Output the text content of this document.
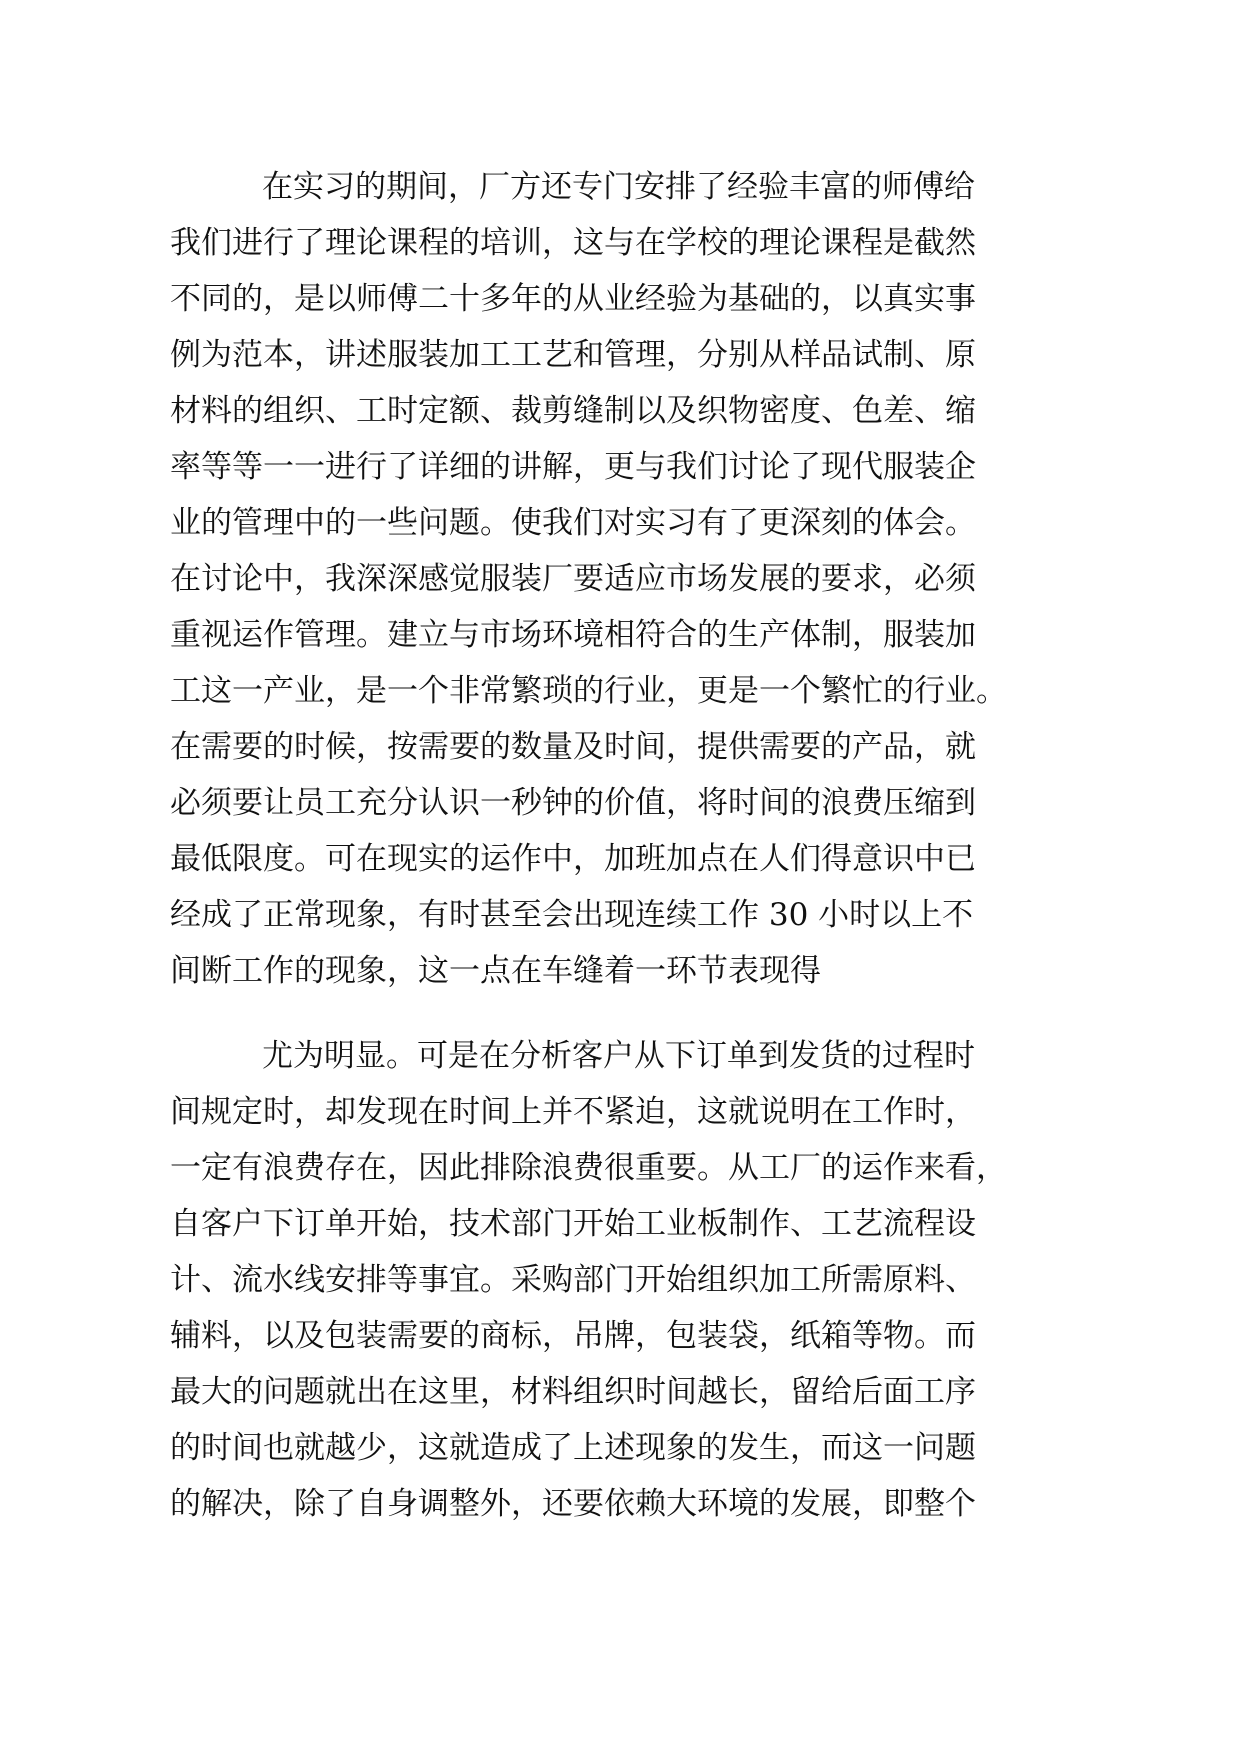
在实习的期间，厂方还专门安排了经验丰富的师傅给
我们进行了理论课程的培训，这与在学校的理论课程是截然
不同的，是以师傅二十多年的从业经验为基础的，以真实事
例为范本，讲述服装加工工艺和管理，分别从样品试制、原
材料的组织、工时定额、裁剪缝制以及织物密度、色差、缩
率等等一一进行了详细的讲解，更与我们讨论了现代服装企
业的管理中的一些问题。使我们对实习有了更深刻的体会。
在讨论中，我深深感觉服装厂要适应市场发展的要求，必须
重视运作管理。建立与市场环境相符合的生产体制，服装加
工这一产业，是一个非常繁琐的行业，更是一个繁忙的行业。
在需要的时候，按需要的数量及时间，提供需要的产品，就
必须要让员工充分认识一秒钟的价值，将时间的浪费压缩到
最低限度。可在现实的运作中，加班加点在人们得意识中已
经成了正常现象，有时甚至会出现连续工作 30 小时以上不
间断工作的现象，这一点在车缝着一环节表现得
尤为明显。可是在分析客户从下订单到发货的过程时
间规定时，却发现在时间上并不紧迫，这就说明在工作时，
一定有浪费存在，因此排除浪费很重要。从工厂的运作来看，
自客户下订单开始，技术部门开始工业板制作、工艺流程设
计、流水线安排等事宜。采购部门开始组织加工所需原料、
辅料，以及包装需要的商标，吊牌，包装袋，纸箱等物。而
最大的问题就出在这里，材料组织时间越长，留给后面工序
的时间也就越少，这就造成了上述现象的发生，而这一问题
的解决，除了自身调整外，还要依赖大环境的发展，即整个
